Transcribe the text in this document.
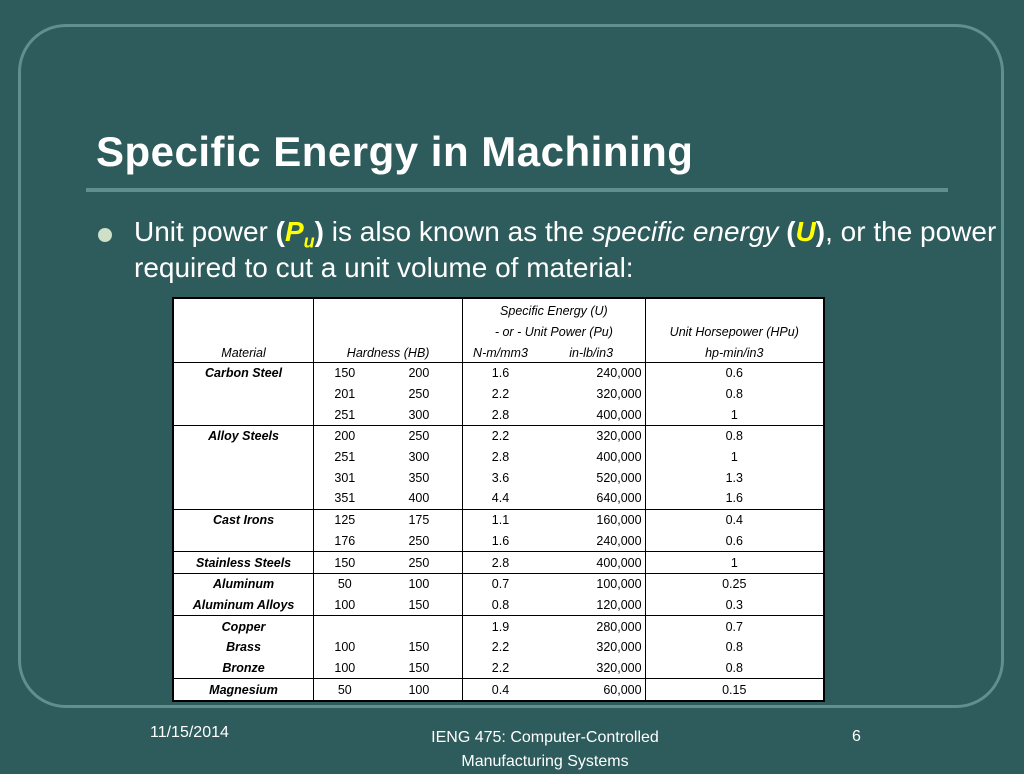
Specific Energy in Machining
Unit power $(P_u)$ is also known as the specific energy (U), or the power required to cut a unit volume of material:
			Specific Energy (U)		
			- or - Unit Power (Pu)		Unit Horsepower (HPu)
Material	Hardness (HB)		N-m/mm3	in-lb/in3	hp-min/in3
Carbon Steel	150	200	1.6	240,000	0.6
	201	250	2.2	320,000	0.8
	251	300	2.8	400,000	1
Alloy Steels	200	250	2.2	320,000	0.8
	251	300	2.8	400,000	1
	301	350	3.6	520,000	1.3
	351	400	4.4	640,000	1.6
Cast Irons	125	175	1.1	160,000	0.4
	176	250	1.6	240,000	0.6
Stainless Steels	150	250	2.8	400,000	1
Aluminum	50	100	0.7	100,000	0.25
Aluminum Alloys	100	150	0.8	120,000	0.3
Copper			1.9	280,000	0.7
Brass	100	150	2.2	320,000	0.8
Bronze	100	150	2.2	320,000	0.8
Magnesium	50	100	0.4	60,000	0.15
11/15/2014	IENG 475: Computer-Controlled
Manufacturing Systems
6
